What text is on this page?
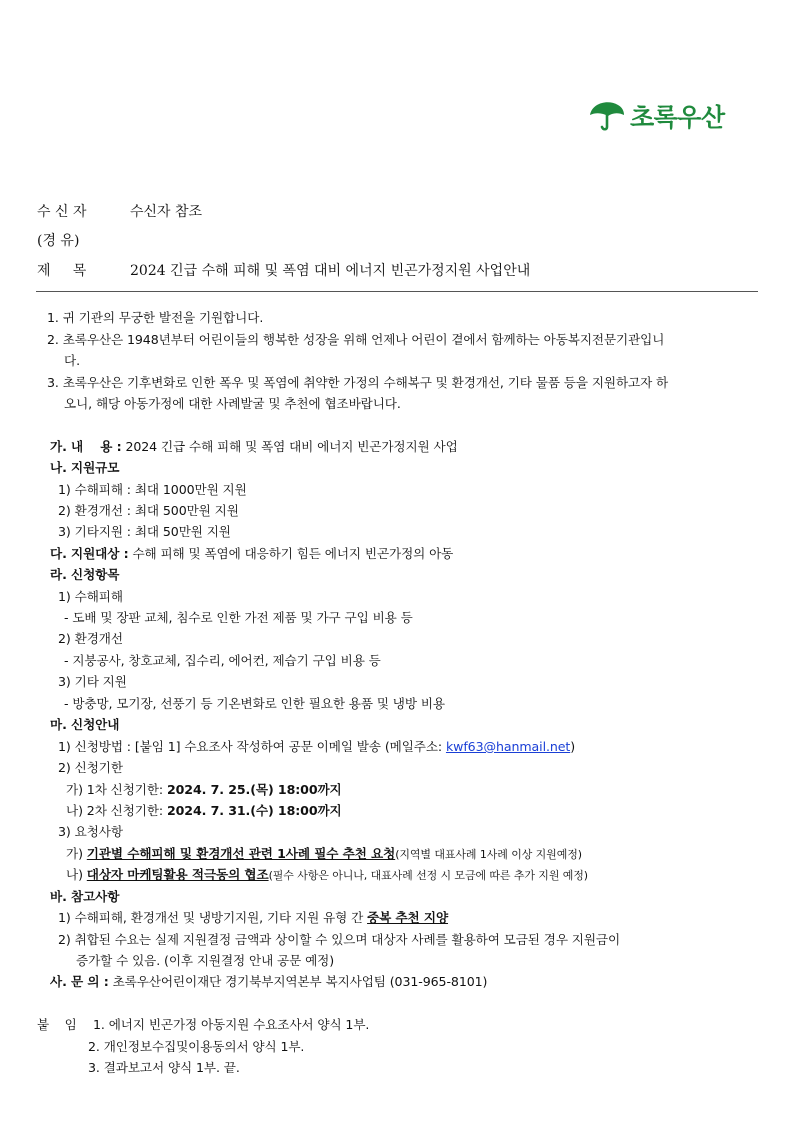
초록우산
수 신 자	수신자 참조
(경 유)
제     목	2024 긴급 수해 피해 및 폭염 대비 에너지 빈곤가정지원 사업안내
1. 귀 기관의 무궁한 발전을 기원합니다.
2. 초록우산은 1948년부터 어린이들의 행복한 성장을 위해 언제나 어린이 곁에서 함께하는 아동복지전문기관입니
다.
3. 초록우산은 기후변화로 인한 폭우 및 폭염에 취약한 가정의 수해복구 및 환경개선, 기타 물품 등을 지원하고자 하
오니, 해당 아동가정에 대한 사례발굴 및 추천에 협조바랍니다.
가. 내    용 : 2024 긴급 수해 피해 및 폭염 대비 에너지 빈곤가정지원 사업
나. 지원규모
1) 수해피해 : 최대 1000만원 지원
2) 환경개선 : 최대 500만원 지원
3) 기타지원 : 최대 50만원 지원
다. 지원대상 : 수해 피해 및 폭염에 대응하기 힘든 에너지 빈곤가정의 아동
라. 신청항목
1) 수해피해
- 도배 및 장판 교체, 침수로 인한 가전 제품 및 가구 구입 비용 등
2) 환경개선
- 지붕공사, 창호교체, 집수리, 에어컨, 제습기 구입 비용 등
3) 기타 지원
- 방충망, 모기장, 선풍기 등 기온변화로 인한 필요한 용품 및 냉방 비용
마. 신청안내
1) 신청방법 : [붙임 1] 수요조사 작성하여 공문 이메일 발송 (메일주소: kwf63@hanmail.net)
2) 신청기한
가) 1차 신청기한: 2024. 7. 25.(목) 18:00까지
나) 2차 신청기한: 2024. 7. 31.(수) 18:00까지
3) 요청사항
가) 기관별 수해피해 및 환경개선 관련 1사례 필수 추천 요청(지역별 대표사례 1사례 이상 지원예정)
나) 대상자 마케팅활용 적극동의 협조(필수 사항은 아니나, 대표사례 선정 시 모금에 따른 추가 지원 예정)
바. 참고사항
1) 수해피해, 환경개선 및 냉방기지원, 기타 지원 유형 간 중복 추천 지양
2) 취합된 수요는 실제 지원결정 금액과 상이할 수 있으며 대상자 사례를 활용하여 모금된 경우 지원금이
증가할 수 있음. (이후 지원결정 안내 공문 예정)
사. 문 의 : 초록우산어린이재단 경기북부지역본부 복지사업팀 (031-965-8101)
붙    임 1. 에너지 빈곤가정 아동지원 수요조사서 양식 1부.
2. 개인정보수집및이용동의서 양식 1부.
3. 결과보고서 양식 1부. 끝.
